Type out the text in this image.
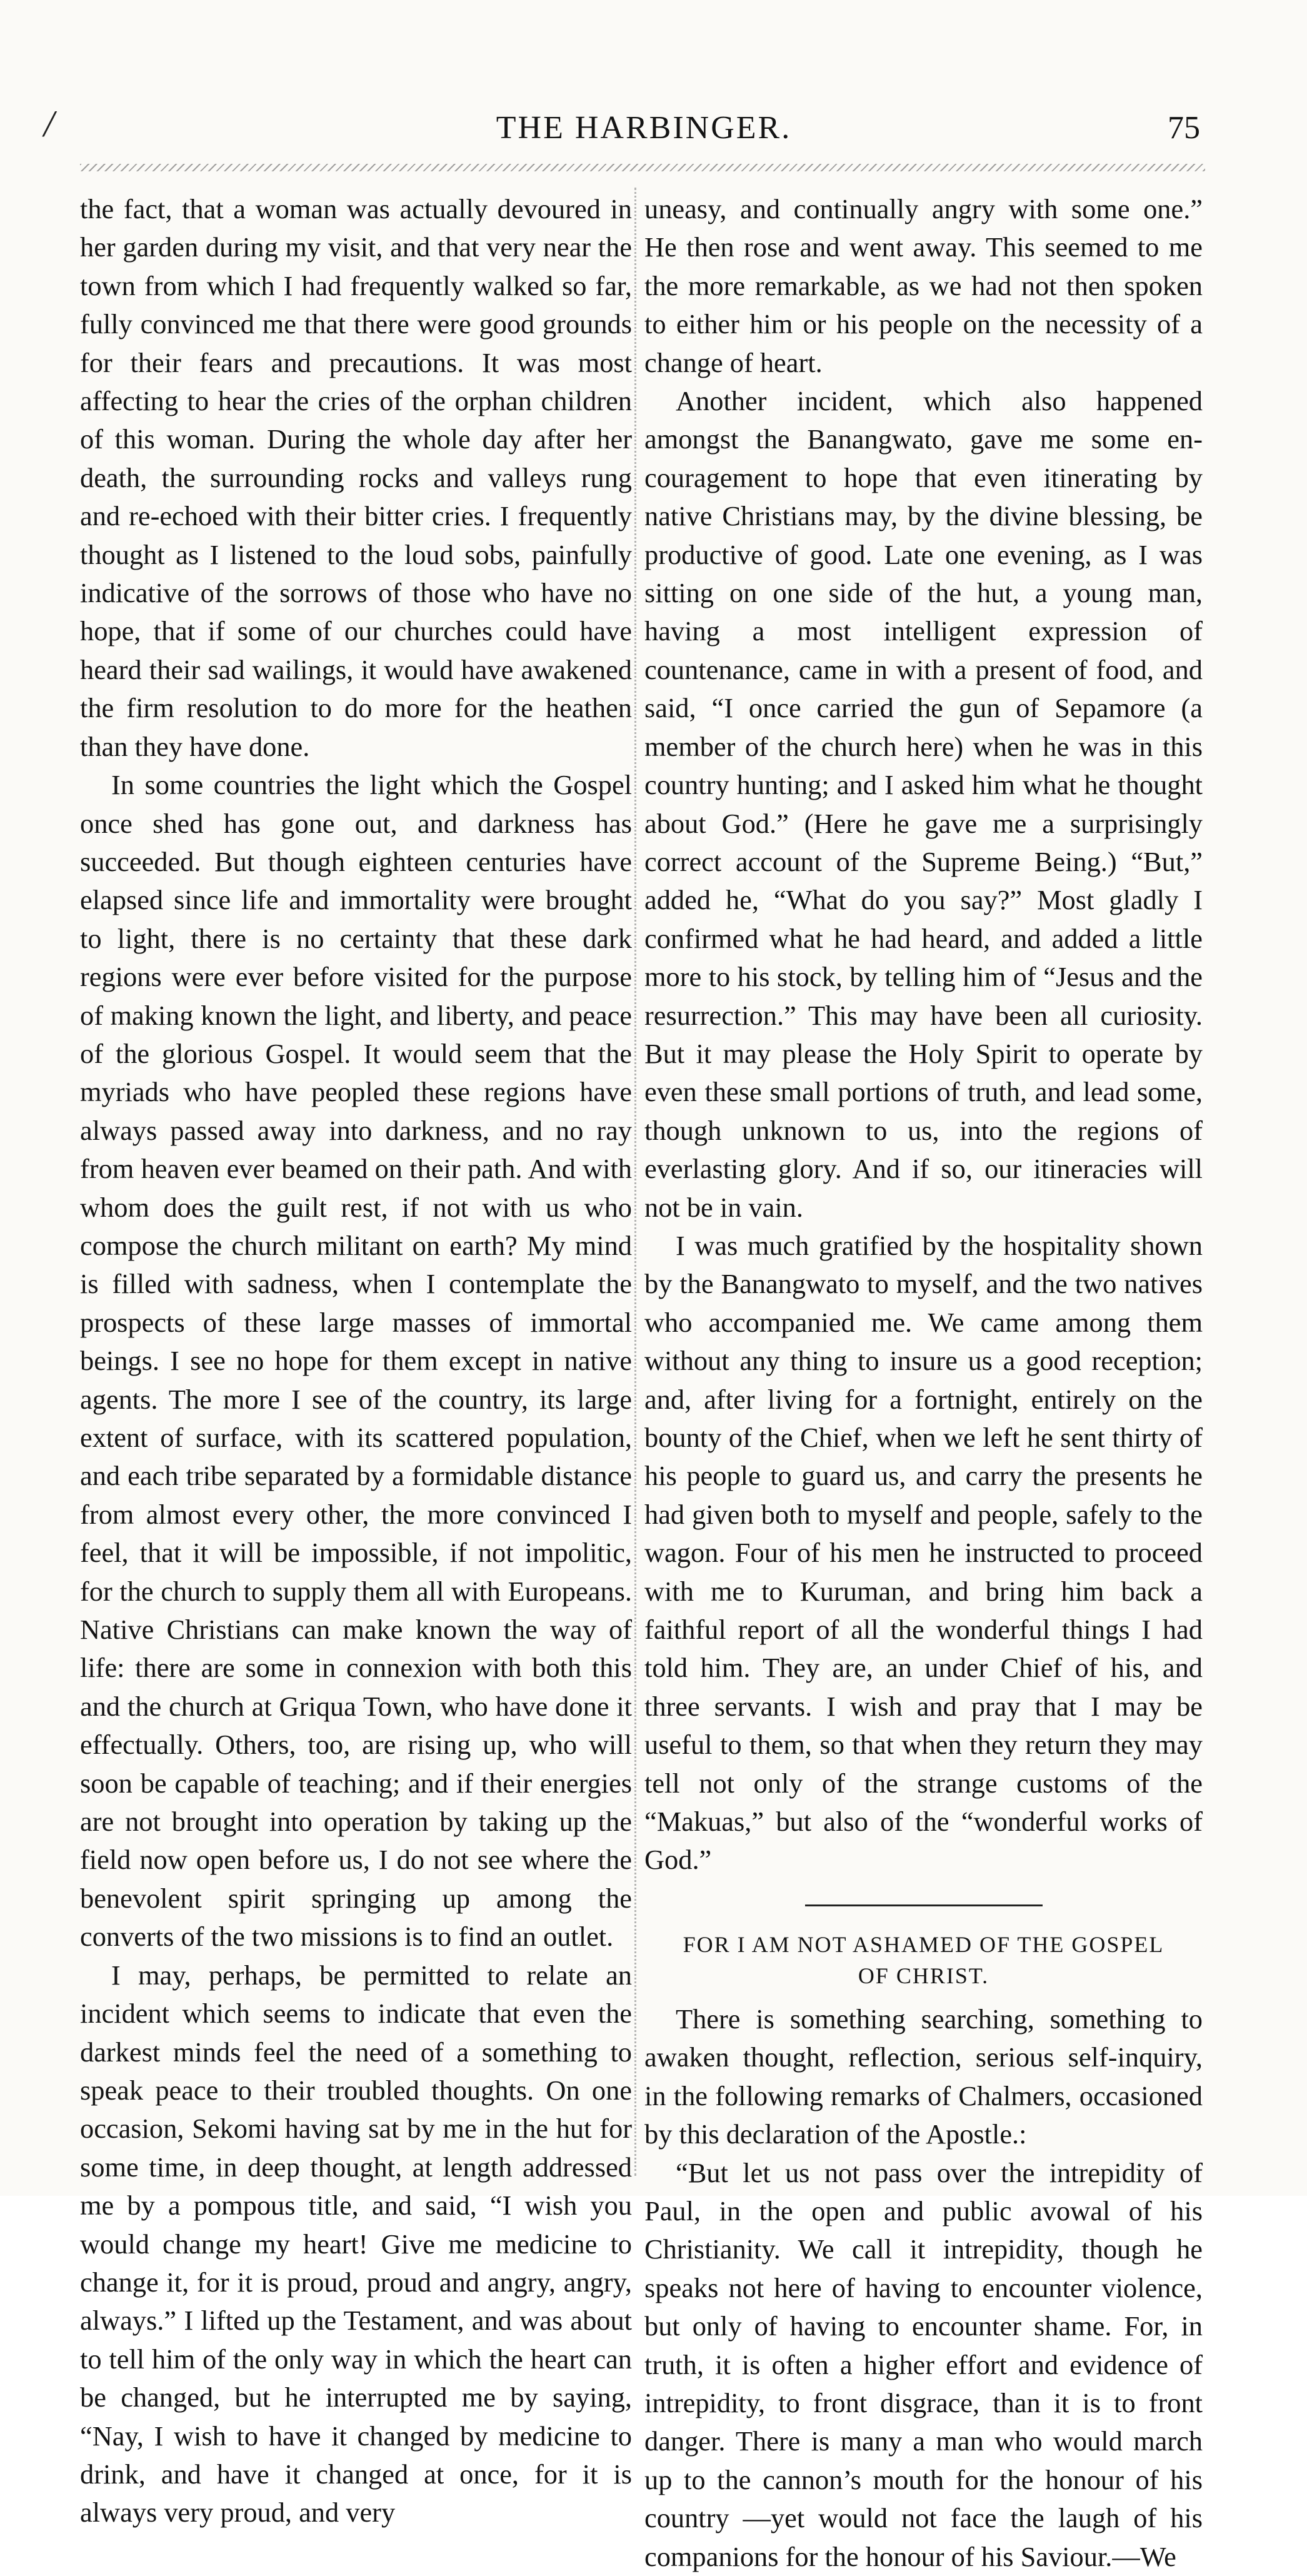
/	THE HARBINGER.	75

the fact, that a woman was actually devoured in her garden during my visit, and that very near the town from which I had frequently walked so far, fully convinced me that there were good grounds for their fears and precautions. It was most affecting to hear the cries of the orphan children of this woman. During the whole day after her death, the surrounding rocks and valleys rung and re-echoed with their bitter cries. I frequently thought as I listened to the loud sobs, painfully indicative of the sorrows of those who have no hope, that if some of our churches could have heard their sad wailings, it would have awakened the firm resolution to do more for the heathen than they have done.

In some countries the light which the Gospel once shed has gone out, and darkness has succeeded. But though eighteen centuries have elapsed since life and immortality were brought to light, there is no certainty that these dark regions were ever before visited for the purpose of making known the light, and liberty, and peace of the glorious Gospel. It would seem that the myriads who have peopled these regions have always passed away into darkness, and no ray from heaven ever beamed on their path. And with whom does the guilt rest, if not with us who compose the church militant on earth? My mind is filled with sadness, when I contemplate the prospects of these large masses of immortal beings. I see no hope for them except in native agents. The more I see of the country, its large extent of surface, with its scattered population, and each tribe separated by a formidable distance from almost every other, the more convinced I feel, that it will be impossible, if not impolitic, for the church to supply them all with Europeans. Native Christians can make known the way of life: there are some in connexion with both this and the church at Griqua Town, who have done it effectually. Others, too, are rising up, who will soon be capable of teaching; and if their energies are not brought into operation by taking up the field now open before us, I do not see where the benevolent spirit springing up among the converts of the two missions is to find an outlet.

I may, perhaps, be permitted to relate an incident which seems to indicate that even the darkest minds feel the need of a something to speak peace to their troubled thoughts. On one occasion, Sekomi having sat by me in the hut for some time, in deep thought, at length addressed me by a pompous title, and said, “I wish you would change my heart! Give me medicine to change it, for it is proud, proud and angry, angry, always.” I lifted up the Testament, and was about to tell him of the only way in which the heart can be changed, but he interrupted me by saying, “Nay, I wish to have it changed by medicine to drink, and have it changed at once, for it is always very proud, and very

uneasy, and continually angry with some one.” He then rose and went away. This seemed to me the more remarkable, as we had not then spoken to either him or his people on the necessity of a change of heart.

Another incident, which also happened amongst the Banangwato, gave me some encouragement to hope that even itinerating by native Christians may, by the divine blessing, be productive of good. Late one evening, as I was sitting on one side of the hut, a young man, having a most intelligent expression of countenance, came in with a present of food, and said, “I once carried the gun of Sepamore (a member of the church here) when he was in this country hunting; and I asked him what he thought about God.” (Here he gave me a surprisingly correct account of the Supreme Being.) “But,” added he, “What do you say?” Most gladly I confirmed what he had heard, and added a little more to his stock, by telling him of “Jesus and the resurrection.” This may have been all curiosity. But it may please the Holy Spirit to operate by even these small portions of truth, and lead some, though unknown to us, into the regions of everlasting glory. And if so, our itineracies will not be in vain.

I was much gratified by the hospitality shown by the Banangwato to myself, and the two natives who accompanied me. We came among them without any thing to insure us a good reception; and, after living for a fortnight, entirely on the bounty of the Chief, when we left he sent thirty of his people to guard us, and carry the presents he had given both to myself and people, safely to the wagon. Four of his men he instructed to proceed with me to Kuruman, and bring him back a faithful report of all the wonderful things I had told him. They are, an under Chief of his, and three servants. I wish and pray that I may be useful to them, so that when they return they may tell not only of the strange customs of the “Makuas,” but also of the “wonderful works of God.”

FOR I AM NOT ASHAMED OF THE GOSPEL
OF CHRIST.

There is something searching, something to awaken thought, reflection, serious self-inquiry, in the following remarks of Chalmers, occasioned by this declaration of the Apostle.:

“But let us not pass over the intrepidity of Paul, in the open and public avowal of his Christianity. We call it intrepidity, though he speaks not here of having to encounter violence, but only of having to encounter shame. For, in truth, it is often a higher effort and evidence of intrepidity, to front disgrace, than it is to front danger. There is many a man who would march up to the cannon’s mouth for the honour of his country —yet would not face the laugh of his companions for the honour of his Saviour.—We
